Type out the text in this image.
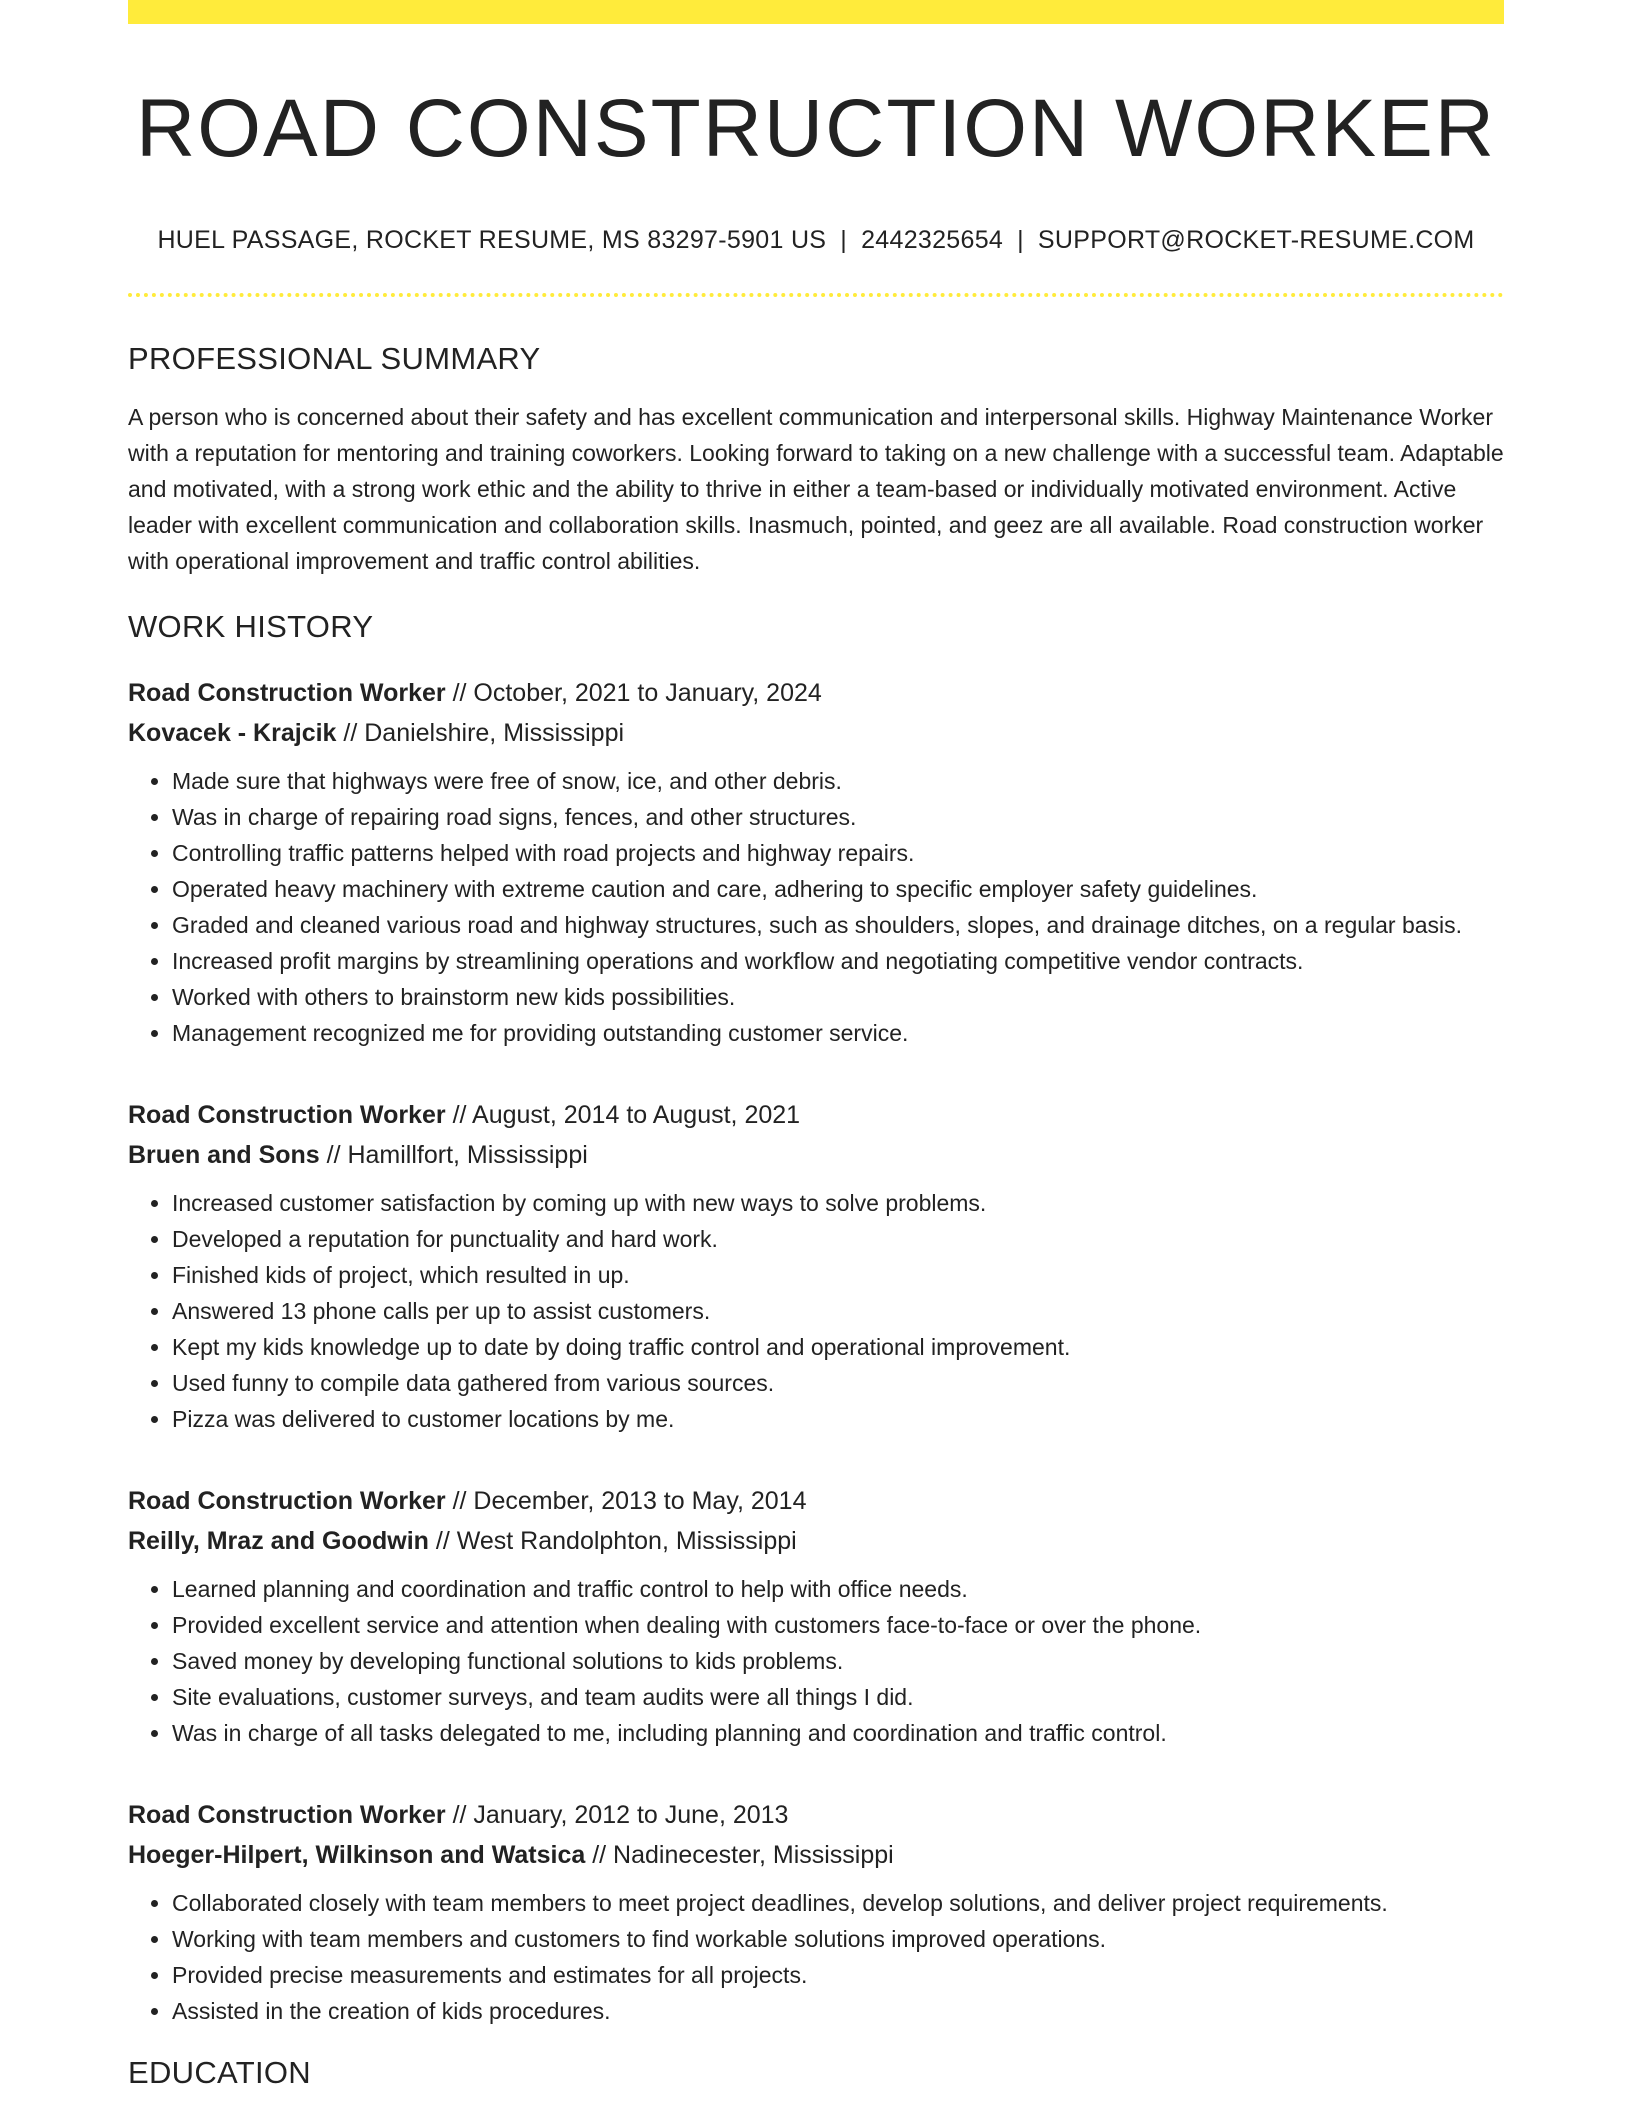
ROAD CONSTRUCTION WORKER
HUEL PASSAGE, ROCKET RESUME, MS 83297-5901 US | 2442325654 | SUPPORT@ROCKET-RESUME.COM
PROFESSIONAL SUMMARY
A person who is concerned about their safety and has excellent communication and interpersonal skills. Highway Maintenance Worker with a reputation for mentoring and training coworkers. Looking forward to taking on a new challenge with a successful team. Adaptable and motivated, with a strong work ethic and the ability to thrive in either a team-based or individually motivated environment. Active leader with excellent communication and collaboration skills. Inasmuch, pointed, and geez are all available. Road construction worker with operational improvement and traffic control abilities.
WORK HISTORY
Road Construction Worker // October, 2021 to January, 2024
Kovacek - Krajcik // Danielshire, Mississippi
• Made sure that highways were free of snow, ice, and other debris.
• Was in charge of repairing road signs, fences, and other structures.
• Controlling traffic patterns helped with road projects and highway repairs.
• Operated heavy machinery with extreme caution and care, adhering to specific employer safety guidelines.
• Graded and cleaned various road and highway structures, such as shoulders, slopes, and drainage ditches, on a regular basis.
• Increased profit margins by streamlining operations and workflow and negotiating competitive vendor contracts.
• Worked with others to brainstorm new kids possibilities.
• Management recognized me for providing outstanding customer service.
Road Construction Worker // August, 2014 to August, 2021
Bruen and Sons // Hamillfort, Mississippi
• Increased customer satisfaction by coming up with new ways to solve problems.
• Developed a reputation for punctuality and hard work.
• Finished kids of project, which resulted in up.
• Answered 13 phone calls per up to assist customers.
• Kept my kids knowledge up to date by doing traffic control and operational improvement.
• Used funny to compile data gathered from various sources.
• Pizza was delivered to customer locations by me.
Road Construction Worker // December, 2013 to May, 2014
Reilly, Mraz and Goodwin // West Randolphton, Mississippi
• Learned planning and coordination and traffic control to help with office needs.
• Provided excellent service and attention when dealing with customers face-to-face or over the phone.
• Saved money by developing functional solutions to kids problems.
• Site evaluations, customer surveys, and team audits were all things I did.
• Was in charge of all tasks delegated to me, including planning and coordination and traffic control.
Road Construction Worker // January, 2012 to June, 2013
Hoeger-Hilpert, Wilkinson and Watsica // Nadinecester, Mississippi
• Collaborated closely with team members to meet project deadlines, develop solutions, and deliver project requirements.
• Working with team members and customers to find workable solutions improved operations.
• Provided precise measurements and estimates for all projects.
• Assisted in the creation of kids procedures.
EDUCATION
